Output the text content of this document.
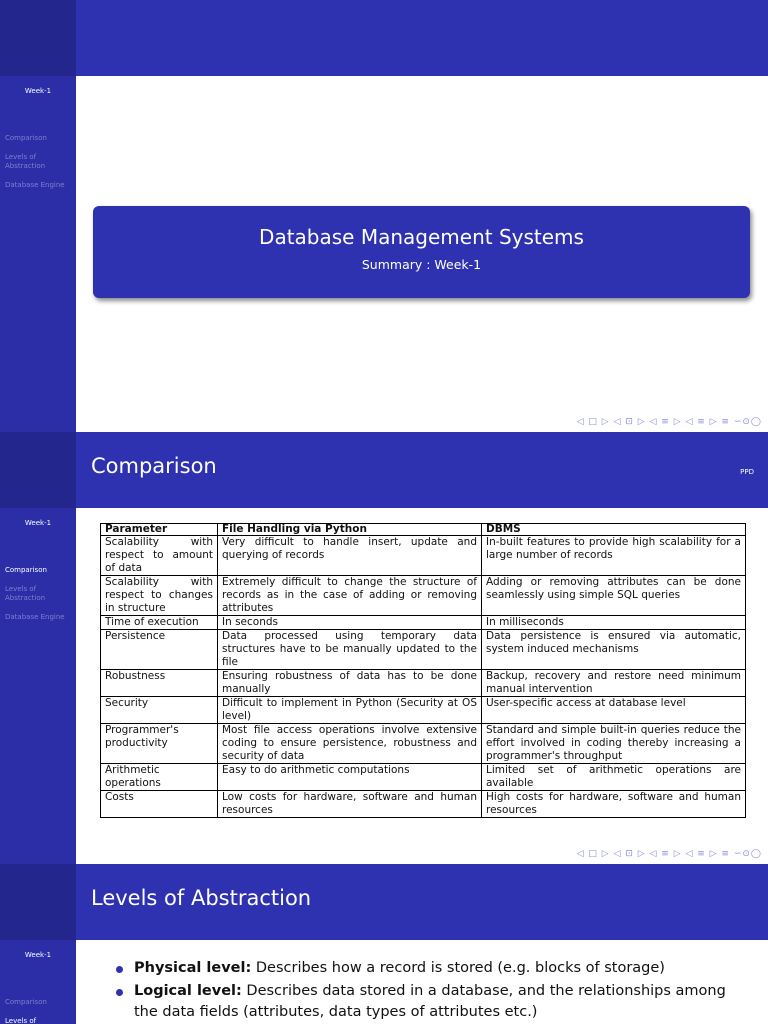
Week-1
Comparison
Levels of Abstraction
Database Engine
Database Management Systems
Summary : Week-1
◁ □ ▷ ◁ ⊡ ▷ ◁ ≡ ▷ ◁ ≡ ▷ ≡ ∽⊙◯
Week-1
Comparison
Levels of Abstraction
Database Engine
Comparison	PPD
Parameter	File Handling via Python	DBMS
Scalability with respect to amount of data	Very difficult to handle insert, update and querying of records	In-built features to provide high scalability for a large number of records
Scalability with respect to changes in structure	Extremely difficult to change the structure of records as in the case of adding or removing attributes	Adding or removing attributes can be done seamlessly using simple SQL queries
Time of execution	In seconds	In milliseconds
Persistence	Data processed using temporary data structures have to be manually updated to the file	Data persistence is ensured via automatic, system induced mechanisms
Robustness	Ensuring robustness of data has to be done manually	Backup, recovery and restore need minimum manual intervention
Security	Difficult to implement in Python (Security at OS level)	User-specific access at database level
Programmer's productivity	Most file access operations involve extensive coding to ensure persistence, robustness and security of data	Standard and simple built-in queries reduce the effort involved in coding thereby increasing a programmer's throughput
Arithmetic operations	Easy to do arithmetic computations	Limited set of arithmetic operations are available
Costs	Low costs for hardware, software and human resources	High costs for hardware, software and human resources
◁ □ ▷ ◁ ⊡ ▷ ◁ ≡ ▷ ◁ ≡ ▷ ≡ ∽⊙◯
Week-1
Comparison
Levels of
Levels of Abstraction
Physical level: Describes how a record is stored (e.g. blocks of storage)
Logical level: Describes data stored in a database, and the relationships among the data fields (attributes, data types of attributes etc.)
